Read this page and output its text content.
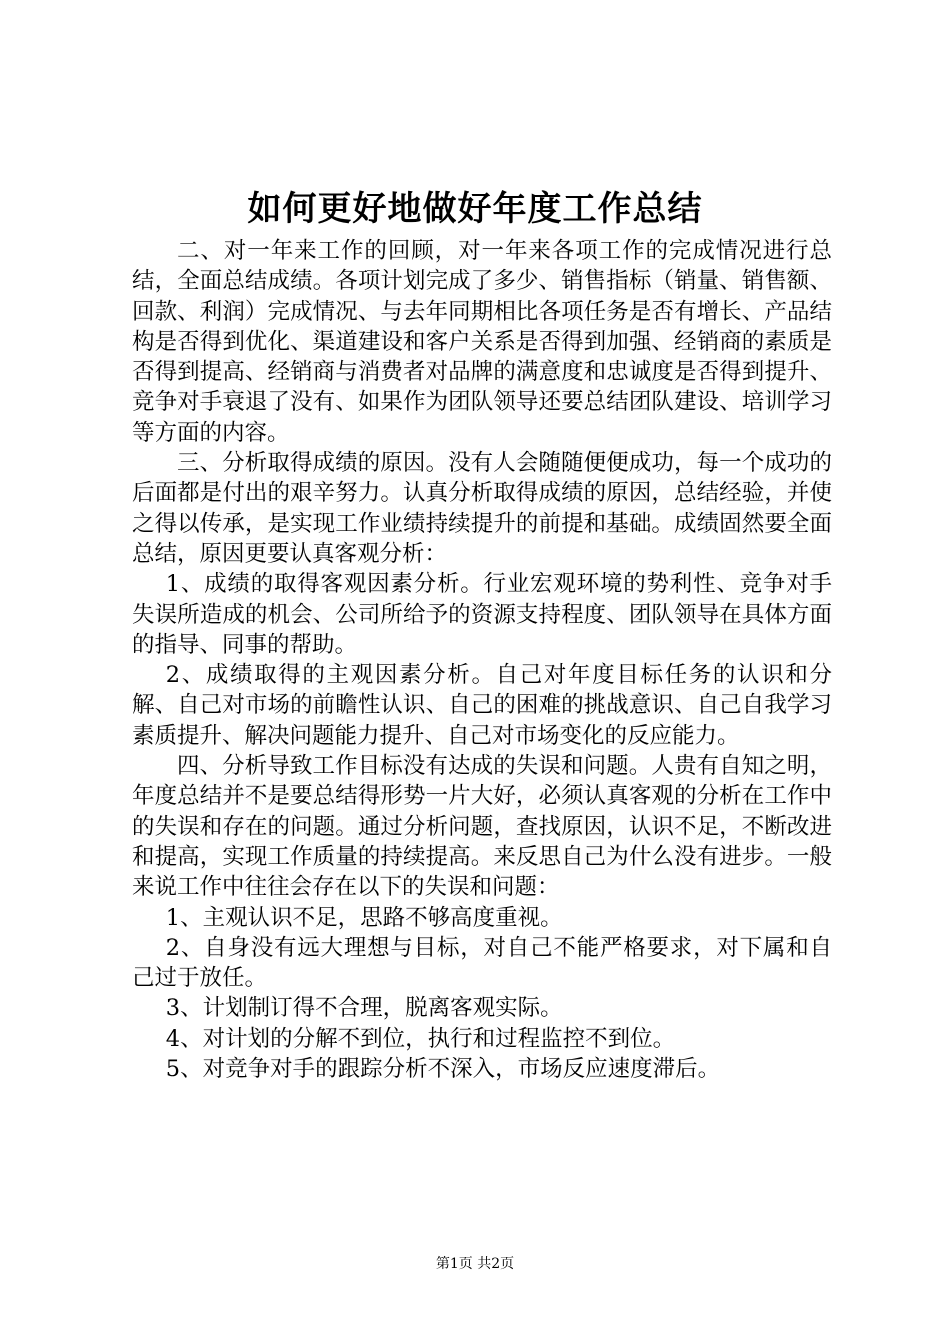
如何更好地做好年度工作总结

二、对一年来工作的回顾，对一年来各项工作的完成情况进行总结，全面总结成绩。各项计划完成了多少、销售指标（销量、销售额、回款、利润）完成情况、与去年同期相比各项任务是否有增长、产品结构是否得到优化、渠道建设和客户关系是否得到加强、经销商的素质是否得到提高、经销商与消费者对品牌的满意度和忠诚度是否得到提升、竞争对手衰退了没有、如果作为团队领导还要总结团队建设、培训学习等方面的内容。

三、分析取得成绩的原因。没有人会随随便便成功，每一个成功的后面都是付出的艰辛努力。认真分析取得成绩的原因，总结经验，并使之得以传承，是实现工作业绩持续提升的前提和基础。成绩固然要全面总结，原因更要认真客观分析：

1、成绩的取得客观因素分析。行业宏观环境的势利性、竞争对手失误所造成的机会、公司所给予的资源支持程度、团队领导在具体方面的指导、同事的帮助。

2、成绩取得的主观因素分析。自己对年度目标任务的认识和分解、自己对市场的前瞻性认识、自己的困难的挑战意识、自己自我学习素质提升、解决问题能力提升、自己对市场变化的反应能力。

四、分析导致工作目标没有达成的失误和问题。人贵有自知之明，年度总结并不是要总结得形势一片大好，必须认真客观的分析在工作中的失误和存在的问题。通过分析问题，查找原因，认识不足，不断改进和提高，实现工作质量的持续提高。来反思自己为什么没有进步。一般来说工作中往往会存在以下的失误和问题：

1、主观认识不足，思路不够高度重视。

2、自身没有远大理想与目标，对自己不能严格要求，对下属和自己过于放任。

3、计划制订得不合理，脱离客观实际。

4、对计划的分解不到位，执行和过程监控不到位。

5、对竞争对手的跟踪分析不深入，市场反应速度滞后。

第1页 共2页
